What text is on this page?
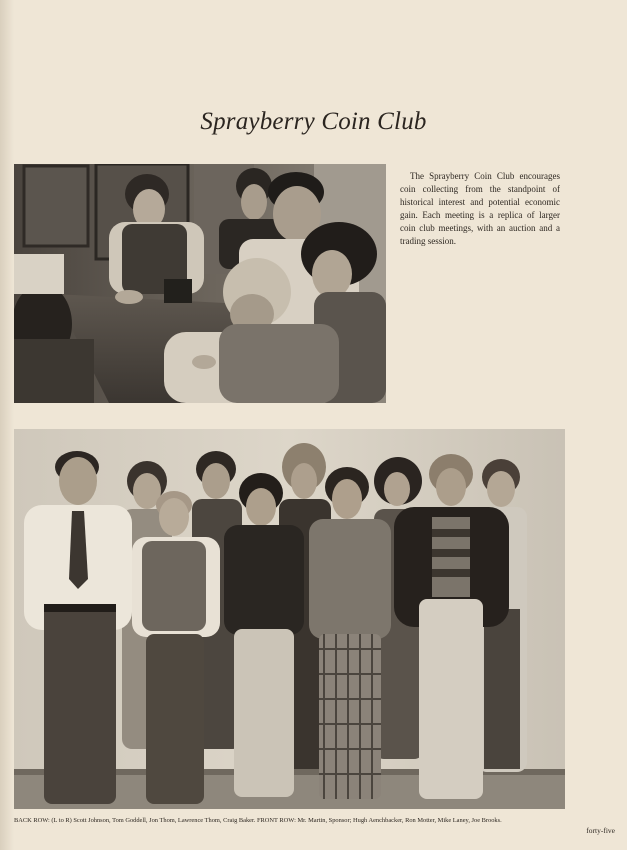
Sprayberry Coin Club
The Sprayberry Coin Club encourages coin collecting from the standpoint of historical interest and potential economic gain. Each meeting is a replica of larger coin club meetings, with an auction and a trading session.
BACK ROW: (L to R) Scott Johnson, Tom Goddell, Jon Thom, Lawrence Thom, Craig Baker. FRONT ROW: Mr. Martin, Sponsor; Hugh Aenchbacker, Ron Motter, Mike Laney, Joe Brooks.
forty-five
